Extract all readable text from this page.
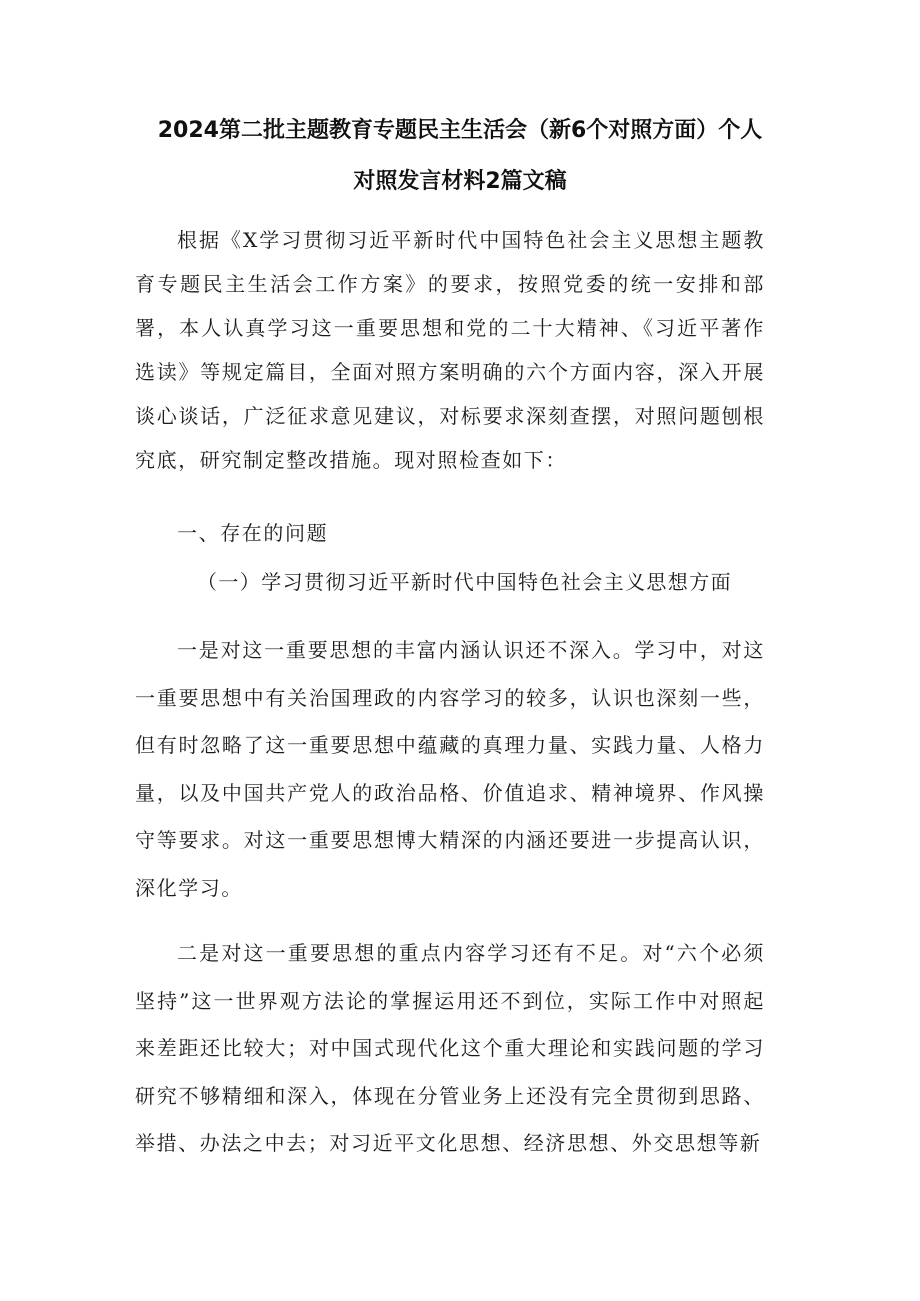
2024第二批主题教育专题民主生活会（新6个对照方面）个人
对照发言材料2篇文稿
根据《X学习贯彻习近平新时代中国特色社会主义思想主题教育专题民主生活会工作方案》的要求，按照党委的统一安排和部署，本人认真学习这一重要思想和党的二十大精神、《习近平著作选读》等规定篇目，全面对照方案明确的六个方面内容，深入开展谈心谈话，广泛征求意见建议，对标要求深刻查摆，对照问题刨根究底，研究制定整改措施。现对照检查如下：
一、存在的问题
（一）学习贯彻习近平新时代中国特色社会主义思想方面
一是对这一重要思想的丰富内涵认识还不深入。学习中，对这一重要思想中有关治国理政的内容学习的较多，认识也深刻一些，但有时忽略了这一重要思想中蕴藏的真理力量、实践力量、人格力量，以及中国共产党人的政治品格、价值追求、精神境界、作风操守等要求。对这一重要思想博大精深的内涵还要进一步提高认识，深化学习。
二是对这一重要思想的重点内容学习还有不足。对“六个必须坚持”这一世界观方法论的掌握运用还不到位，实际工作中对照起来差距还比较大；对中国式现代化这个重大理论和实践问题的学习研究不够精细和深入，体现在分管业务上还没有完全贯彻到思路、举措、办法之中去；对习近平文化思想、经济思想、外交思想等新
